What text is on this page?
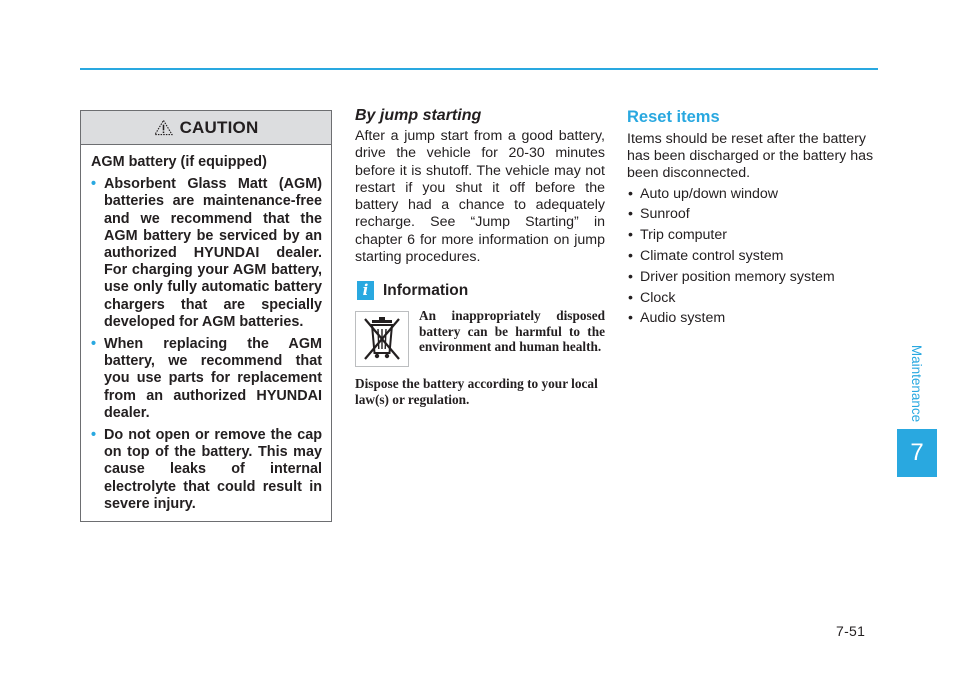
CAUTION

AGM battery (if equipped)

• Absorbent Glass Matt (AGM) batteries are maintenance-free and we recommend that the AGM battery be serviced by an authorized HYUNDAI dealer. For charging your AGM battery, use only fully automatic battery chargers that are specially developed for AGM batteries.
• When replacing the AGM battery, we recommend that you use parts for replacement from an authorized HYUNDAI dealer.
• Do not open or remove the cap on top of the battery. This may cause leaks of internal electrolyte that could result in severe injury.

By jump starting

After a jump start from a good battery, drive the vehicle for 20-30 minutes before it is shutoff. The vehicle may not restart if you shut it off before the battery had a chance to adequately recharge. See “Jump Starting” in chapter 6 for more information on jump starting procedures.

i Information

An inappropriately disposed battery can be harmful to the environment and human health.

Dispose the battery according to your local law(s) or regulation.

Reset items

Items should be reset after the battery has been discharged or the battery has been disconnected.

• Auto up/down window
• Sunroof
• Trip computer
• Climate control system
• Driver position memory system
• Clock
• Audio system
Maintenance
7
7-51
